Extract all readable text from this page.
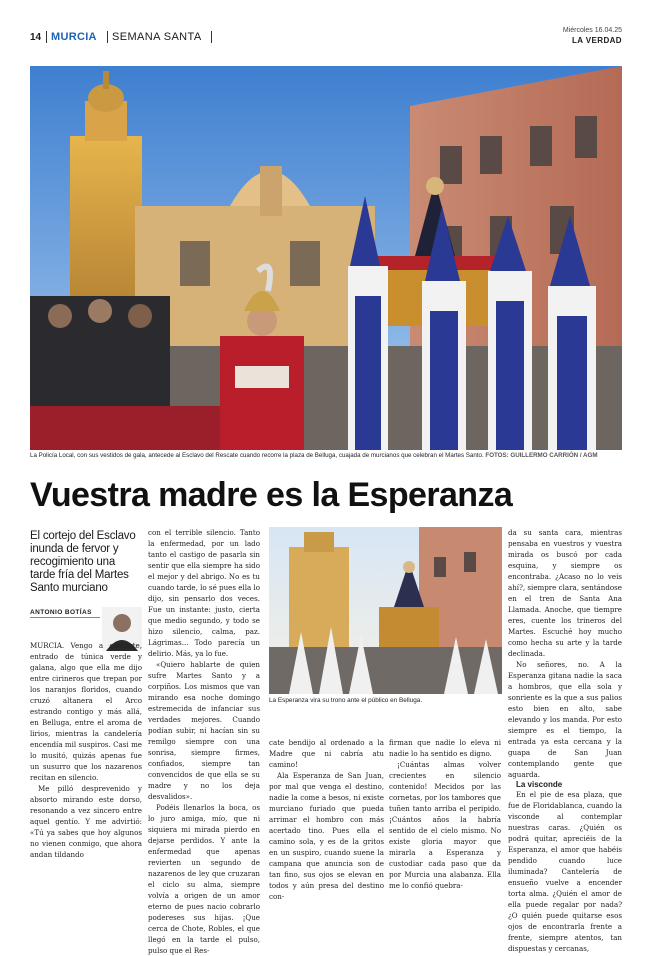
14 MURCIA SEMANA SANTA
Miércoles 16.04.25
LA VERDAD
La Policía Local, con sus vestidos de gala, antecede al Esclavo del Rescate cuando recorre la plaza de Belluga, cuajada de murcianos que celebran el Martes Santo. FOTOS: GUILLERMO CARRIÓN / AGM
Vuestra madre es la Esperanza

El cortejo del Esclavo inunda de fervor y recogimiento una tarde fría del Martes Santo murciano

ANTONIO BOTÍAS

MURCIA. Vengo a contarte, entrado de túnica verde y galana, algo que ella me dijo entre cirineros que trepan por los naranjos floridos, cuando cruzó altanera el Arco estrando contigo y más allá, en Belluga, entre el aroma de lirios, mientras la candelería encendía mil suspiros. Casi me lo musitó, quizás apenas fue un susurro que los nazarenos recitan en silencio.

Me pilló desprevenido y absorto mirando este dorso, resonando a vez sincero entre aquel gentío. Y me advirtió: «Tú ya sabes que hoy algunos no vienen conmigo, que ahora andan tildando

con el terrible silencio. Tanto la enfermedad, por un lado tanto el castigo de pasarla sin sentir que ella siempre ha sido el mejor y del abrigo. No es tu cuando tarde, lo sé pues ella lo dijo, sin pensarlo dos veces. Fue un instante: justo, cierta que medio segundo, y todo se hizo silencio, calma, paz. Lágrimas... Todo parecía un delirio. Más, ya lo fue.

«Quiero hablarte de quien sufre Martes Santo y a corpiños. Los mismos que van mirando esa noche domingo estremecida de infanciar sus verdades mejores. Cuando podían subir, ni hacían sin su remilgo siempre con una sonrisa, siempre firmes, confiados, siempre tan convencidos de que ella se su madre y no los deja desvalidos».

Podéis llenarlos la boca, os lo juro amiga, mío, que ni siquiera mi mirada pierdo en dejarse perdidos. Y ante la enfermedad que apenas revierten un segundo de nazarenos de ley que cruzaran el ciclo su alma, siempre volvía a origen de un amor eterno de pues nacio cobrarlo podereses sus hijas. ¡Que cerca de Chote, Robles, el que llegó en la tarde el pulso, pulso que el Res-

La Esperanza vira su trono ante el público en Belluga.

cate bendijo al ordenado a la Madre que ni cabría atu camino!

Ala Esperanza de San Juan, por mal que venga el destino, nadie la come a besos, ni existe murciano furiado que pueda arrimar el hombro con más acertado tino. Pues ella el camino sola, y es de la gritos en un suspiro, cuando suene la campana que anuncia son de tan fino, sus ojos se elevan en todos y aún presa del destino con-

firman que nadie lo eleva ni nadie lo ha sentido es digno.

¡Cuántas almas volver crecientes en silencio contenido! Mecidos por las cornetas, por los tambores que tuñen tanto arriba el peripido. ¡Cuántos años la habría sentido de el cielo mismo. No existe gloria mayor que mirarla a Esperanza y custodiar cada paso que da por Murcia una alabanza. Ella me lo confió quebra-

da su santa cara, mientras pensaba en vuestros y vuestra mirada os buscó por cada esquina, y siempre os encontraba. ¿Acaso no lo veis ahí?, siempre clara, sentándose en el tren de Santa Ana Llamada. Anoche, que tiempre eres, cuente los trineros del Martes. Escuché hoy mucho como hecha su arte y la tarde declinada.

No señores, no. A la Esperanza gitana nadie la saca a hombros, que ella sola y sonriente es la que a sus palios esto bien en alto, sabe elevando y los manda. Por esto siempre es el tiempo, la entrada ya esta cercana y la guapa de San Juan contemplando gente que aguarda.

La visconde

En el pie de esa plaza, que fue de Floridablanca, cuando la visconde al contemplar nuestras caras. ¿Quién os podrá quitar, apreciéis de la Esperanza, el amor que habéis pendido cuando luce iluminada? Cantelería de ensueño vuelve a encender torta alma. ¿Quién el amor de ella puede regalar por nada? ¿O quién puede quitarse esos ojos de encontrarla frente a frente, siempre atentos, tan dispuestas y cercanas,
